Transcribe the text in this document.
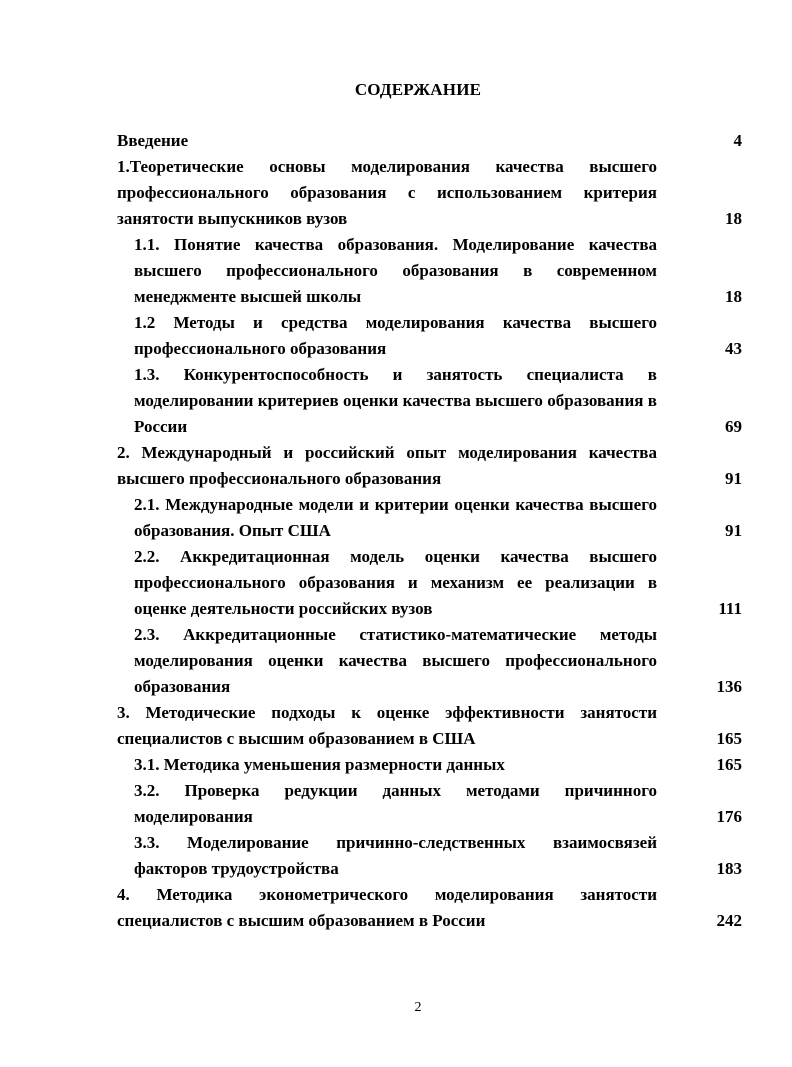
СОДЕРЖАНИЕ
Введение	4
1.Теоретические основы моделирования качества высшего профессионального образования с использованием критерия занятости выпускников вузов	18
1.1. Понятие качества образования. Моделирование качества высшего профессионального образования в современном менеджменте высшей школы	18
1.2 Методы и средства моделирования качества высшего профессионального образования	43
1.3. Конкурентоспособность и занятость специалиста в моделировании критериев оценки качества высшего образования в России	69
2. Международный и российский опыт моделирования качества высшего профессионального образования	91
2.1. Международные модели и критерии оценки качества высшего образования. Опыт США	91
2.2. Аккредитационная модель оценки качества высшего профессионального образования и механизм ее реализации в оценке деятельности российских вузов	111
2.3. Аккредитационные статистико-математические методы моделирования оценки качества высшего профессионального образования	136
3. Методические подходы к оценке эффективности занятости специалистов с высшим образованием в США	165
3.1. Методика уменьшения размерности данных	165
3.2. Проверка редукции данных методами причинного моделирования	176
3.3. Моделирование причинно-следственных взаимосвязей факторов трудоустройства	183
4. Методика эконометрического моделирования занятости специалистов с высшим образованием в России	242
2
